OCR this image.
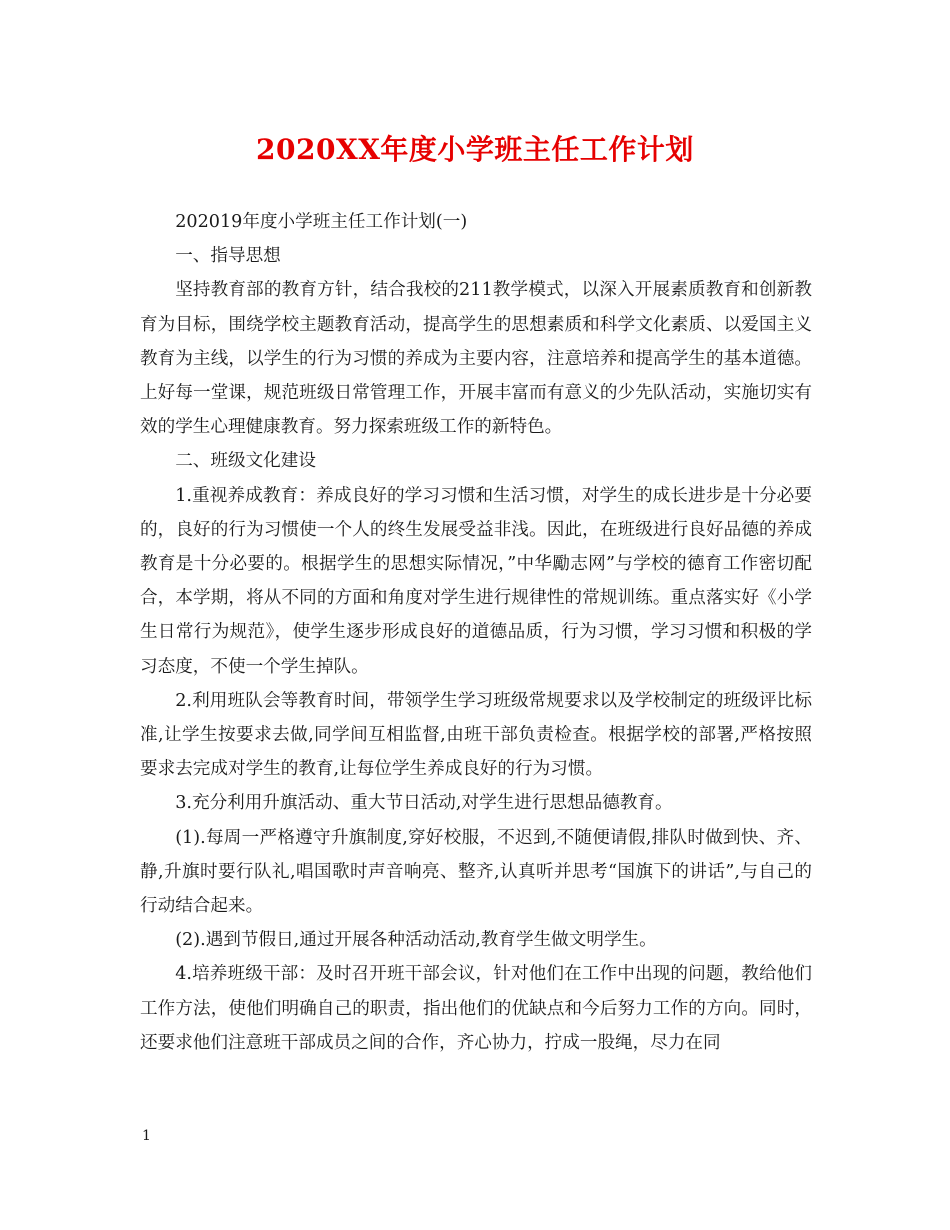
2020XX年度小学班主任工作计划

202019年度小学班主任工作计划(一)

一、指导思想

坚持教育部的教育方针，结合我校的211教学模式，以深入开展素质教育和创新教育为目标，围绕学校主题教育活动，提高学生的思想素质和科学文化素质、以爱国主义教育为主线，以学生的行为习惯的养成为主要内容，注意培养和提高学生的基本道德。上好每一堂课，规范班级日常管理工作，开展丰富而有意义的少先队活动，实施切实有效的学生心理健康教育。努力探索班级工作的新特色。

二、班级文化建设

1.重视养成教育：养成良好的学习习惯和生活习惯，对学生的成长进步是十分必要的，良好的行为习惯使一个人的终生发展受益非浅。因此，在班级进行良好品德的养成教育是十分必要的。根据学生的思想实际情况，”中华勵志网”与学校的德育工作密切配合，本学期，将从不同的方面和角度对学生进行规律性的常规训练。重点落实好《小学生日常行为规范》，使学生逐步形成良好的道德品质，行为习惯，学习习惯和积极的学习态度，不使一个学生掉队。

2.利用班队会等教育时间，带领学生学习班级常规要求以及学校制定的班级评比标准,让学生按要求去做,同学间互相监督,由班干部负责检查。根据学校的部署,严格按照要求去完成对学生的教育,让每位学生养成良好的行为习惯。

3.充分利用升旗活动、重大节日活动,对学生进行思想品德教育。

(1).每周一严格遵守升旗制度,穿好校服，不迟到,不随便请假,排队时做到快、齐、静,升旗时要行队礼,唱国歌时声音响亮、整齐,认真听并思考“国旗下的讲话”,与自己的行动结合起来。

(2).遇到节假日,通过开展各种活动活动,教育学生做文明学生。

4.培养班级干部：及时召开班干部会议，针对他们在工作中出现的问题，教给他们工作方法，使他们明确自己的职责，指出他们的优缺点和今后努力工作的方向。同时，还要求他们注意班干部成员之间的合作，齐心协力，拧成一股绳，尽力在同

1
